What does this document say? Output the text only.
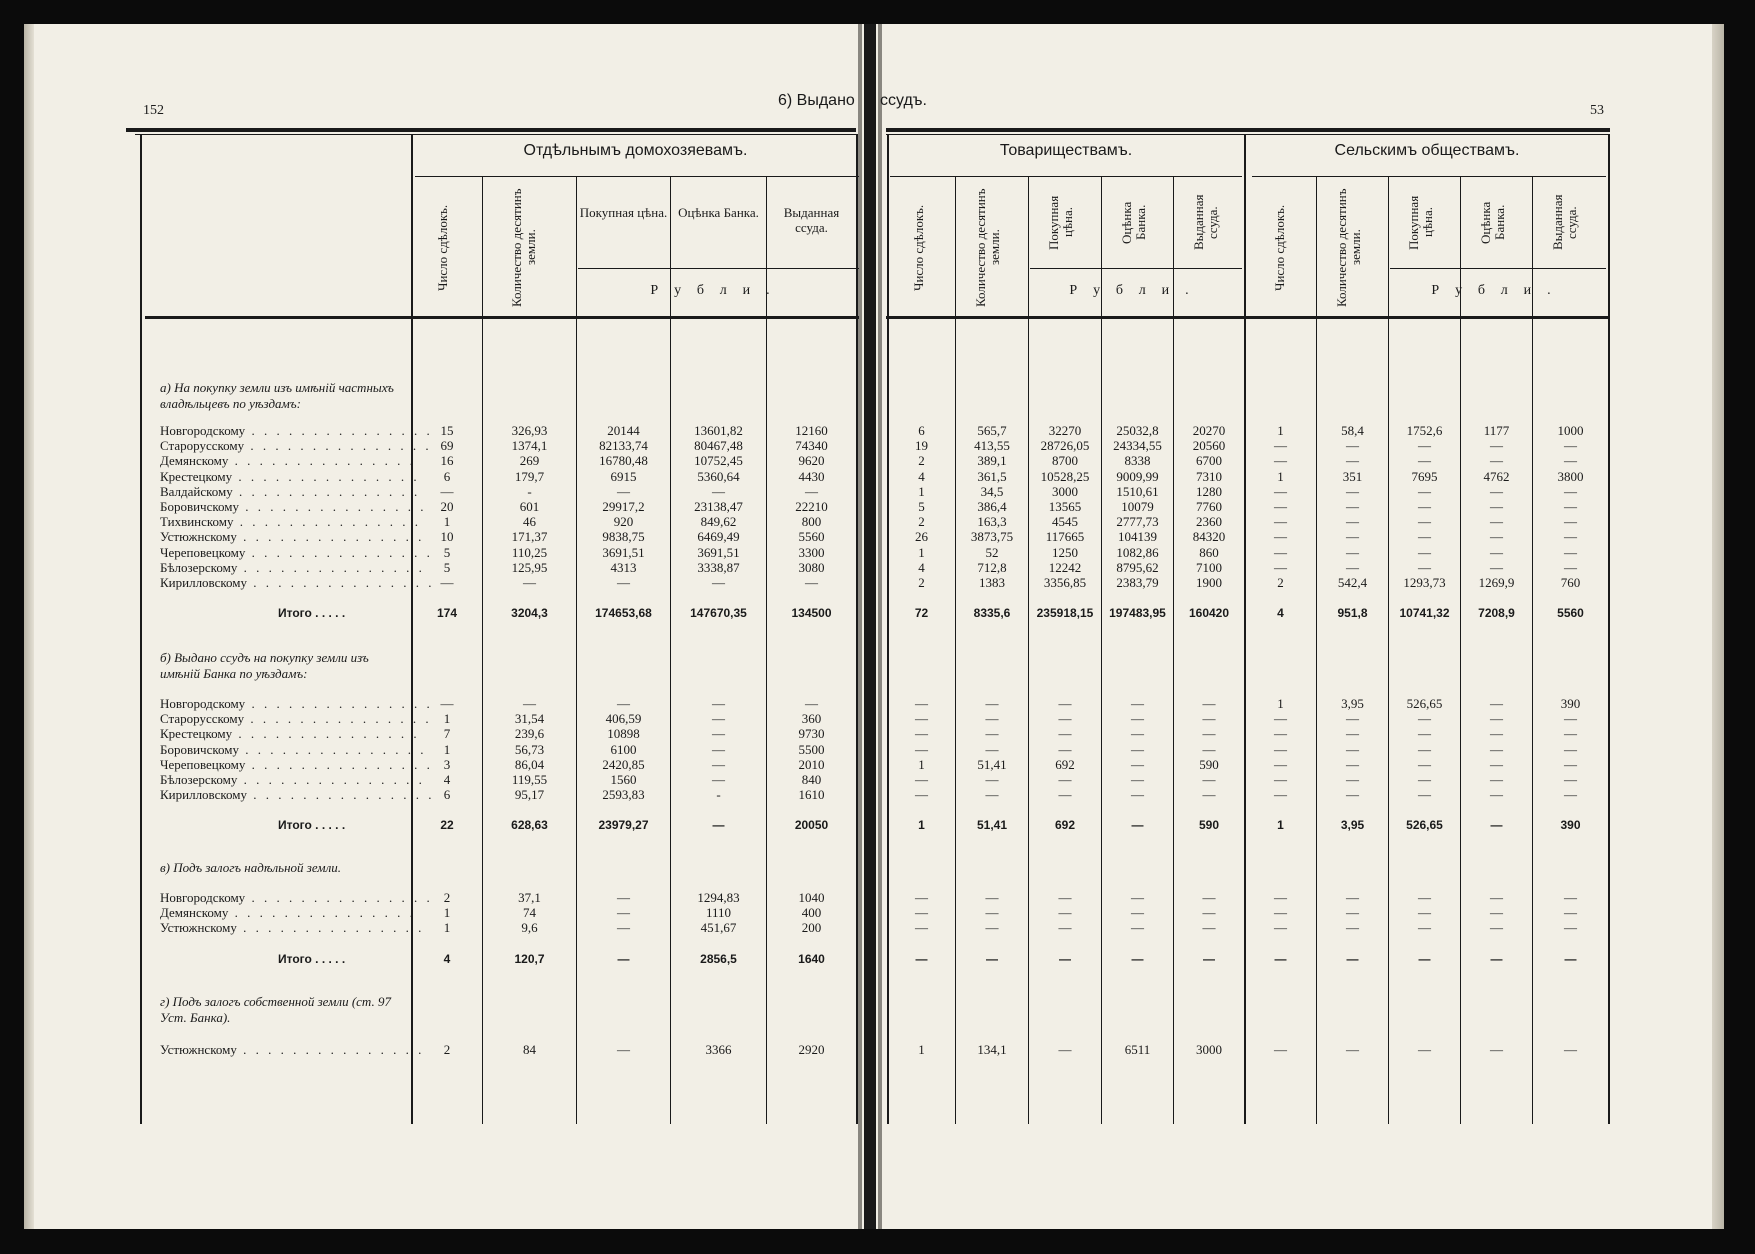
152	53
6) Выдано ссудъ.
Отдѣльнымъ домохозяевамъ.	Товариществамъ.	Сельскимъ обществамъ.
Число сдѣлокъ.	Количество десятинъ земли.
Покупная цѣна. Оцѣнка Банка.	Выданная ссуда.
Рубли.	Число сдѣлокъ.	Количество десятинъ земли.	Покупная цѣна.	Оцѣнка Банка.	Выданная ссуда.
Рубли.	Число сдѣлокъ.	Количество десятинъ земли.	Покупная цѣна.	Оцѣнка Банка.	Выданная ссуда.
Рубли.
а) На покупку земли изъ имѣній частныхъ владѣльцевъ по уѣздамъ:
б) Выдано ссудъ на покупку земли изъ имѣній Банка по уѣздамъ:
в) Подъ залогъ надѣльной земли.
г) Подъ залогъ собственной земли (ст. 97 Уст. Банка).
Новгородскому . . . . . . . . . . . . . . . 15	326,93	20144	13601,82	12160	6	565,7	32270	25032,8	20270	1	58,4	1752,6	1177	1000
Старорусскому . . . . . . . . . . . . . . . 69	1374,1	82133,74	80467,48	74340	19	413,55	28726,05	24334,55	20560	—	—	—	—	—
Демянскому . . . . . . . . . . . . . . .	16	269	16780,48	10752,45	9620	2	389,1	8700	8338	6700	—	—	—	—	—
Крестецкому . . . . . . . . . . . . . . .	6	179,7	6915	5360,64	4430	4	361,5	10528,25	9009,99	7310	1	351	7695	4762	3800
Валдайскому . . . . . . . . . . . . . . .	—	-	—	—	—	1	34,5	3000	1510,61	1280	—	—	—	—	—
Боровичскому . . . . . . . . . . . . . . .	20	601	29917,2	23138,47	22210	5	386,4	13565	10079	7760	—	—	—	—	—
Тихвинскому . . . . . . . . . . . . . . .	1	46	920	849,62	800	2	163,3	4545	2777,73	2360	—	—	—	—	—
Устюжнскому . . . . . . . . . . . . . . .	10	171,37	9838,75	6469,49	5560	26	3873,75	117665	104139	84320	—	—	—	—	—
Череповецкому . . . . . . . . . . . . . . . 5	110,25	3691,51	3691,51	3300	1	52	1250	1082,86	860	—	—	—	—	—
Бѣлозерскому . . . . . . . . . . . . . . .	5	125,95	4313	3338,87	3080	4	712,8	12242	8795,62	7100	—	—	—	—	—
Кирилловскому . . . . . . . . . . . . . . . —	—	—	—	—	2	1383	3356,85	2383,79	1900	2	542,4	1293,73	1269,9	760
Итого . . . . .	174	3204,3	174653,68	147670,35	134500	72	8335,6	235918,15	197483,95	160420	4	951,8	10741,32	7208,9	5560
Новгородскому . . . . . . . . . . . . . . . —	—	—	—	—	—	—	—	—	—	1	3,95	526,65	—	390
Старорусскому . . . . . . . . . . . . . . . 1	31,54	406,59	—	360	—	—	—	—	—	—	—	—	—	—
Крестецкому . . . . . . . . . . . . . . .	7	239,6	10898	—	9730	—	—	—	—	—	—	—	—	—	—
Боровичскому . . . . . . . . . . . . . . .	1	56,73	6100	—	5500	—	—	—	—	—	—	—	—	—	—
Череповецкому . . . . . . . . . . . . . . . 3	86,04	2420,85	—	2010	1	51,41	692	—	590	—	—	—	—	—
Бѣлозерскому . . . . . . . . . . . . . . .	4	119,55	1560	—	840	—	—	—	—	—	—	—	—	—	—
Кирилловскому . . . . . . . . . . . . . . . 6	95,17	2593,83	-	1610	—	—	—	—	—	—	—	—	—	—
Итого . . . . .	22	628,63	23979,27	—	20050	1	51,41	692	—	590	1	3,95	526,65	—	390
Новгородскому . . . . . . . . . . . . . . . 2	37,1	—	1294,83	1040	—	—	—	—	—	—	—	—	—	—
Демянскому . . . . . . . . . . . . . . .	1	74	—	1110	400	—	—	—	—	—	—	—	—	—	—
Устюжнскому . . . . . . . . . . . . . . .	1	9,6	—	451,67	200	—	—	—	—	—	—	—	—	—	—
Итого . . . . .	4	120,7	—	2856,5	1640	—	—	—	—	—	—	—	—	—	—
Устюжнскому . . . . . . . . . . . . . . .	2	84	—	3366	2920	1	134,1	—	6511	3000	—	—	—	—	—
